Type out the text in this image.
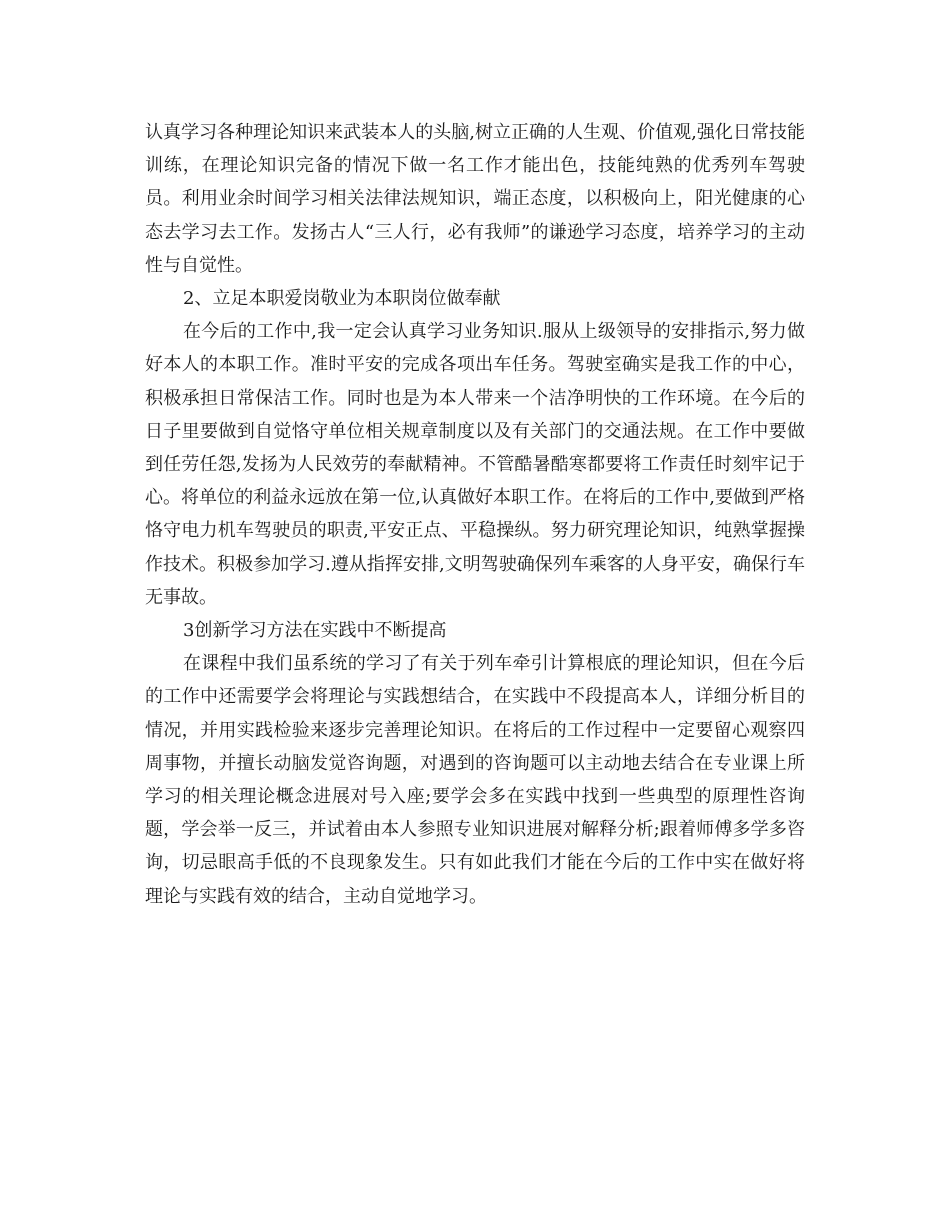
认真学习各种理论知识来武装本人的头脑,树立正确的人生观、价值观,强化日常技能训练，在理论知识完备的情况下做一名工作才能出色，技能纯熟的优秀列车驾驶员。利用业余时间学习相关法律法规知识，端正态度，以积极向上，阳光健康的心态去学习去工作。发扬古人“三人行，必有我师”的谦逊学习态度，培养学习的主动性与自觉性。

2、立足本职爱岗敬业为本职岗位做奉献

在今后的工作中,我一定会认真学习业务知识.服从上级领导的安排指示,努力做好本人的本职工作。准时平安的完成各项出车任务。驾驶室确实是我工作的中心，积极承担日常保洁工作。同时也是为本人带来一个洁净明快的工作环境。在今后的日子里要做到自觉恪守单位相关规章制度以及有关部门的交通法规。在工作中要做到任劳任怨,发扬为人民效劳的奉献精神。不管酷暑酷寒都要将工作责任时刻牢记于心。将单位的利益永远放在第一位,认真做好本职工作。在将后的工作中,要做到严格恪守电力机车驾驶员的职责,平安正点、平稳操纵。努力研究理论知识，纯熟掌握操作技术。积极参加学习.遵从指挥安排,文明驾驶确保列车乘客的人身平安，确保行车无事故。

3创新学习方法在实践中不断提高

在课程中我们虽系统的学习了有关于列车牵引计算根底的理论知识，但在今后的工作中还需要学会将理论与实践想结合，在实践中不段提高本人，详细分析目的情况，并用实践检验来逐步完善理论知识。在将后的工作过程中一定要留心观察四周事物，并擅长动脑发觉咨询题，对遇到的咨询题可以主动地去结合在专业课上所学习的相关理论概念进展对号入座;要学会多在实践中找到一些典型的原理性咨询题，学会举一反三，并试着由本人参照专业知识进展对解释分析;跟着师傅多学多咨询，切忌眼高手低的不良现象发生。只有如此我们才能在今后的工作中实在做好将理论与实践有效的结合，主动自觉地学习。
